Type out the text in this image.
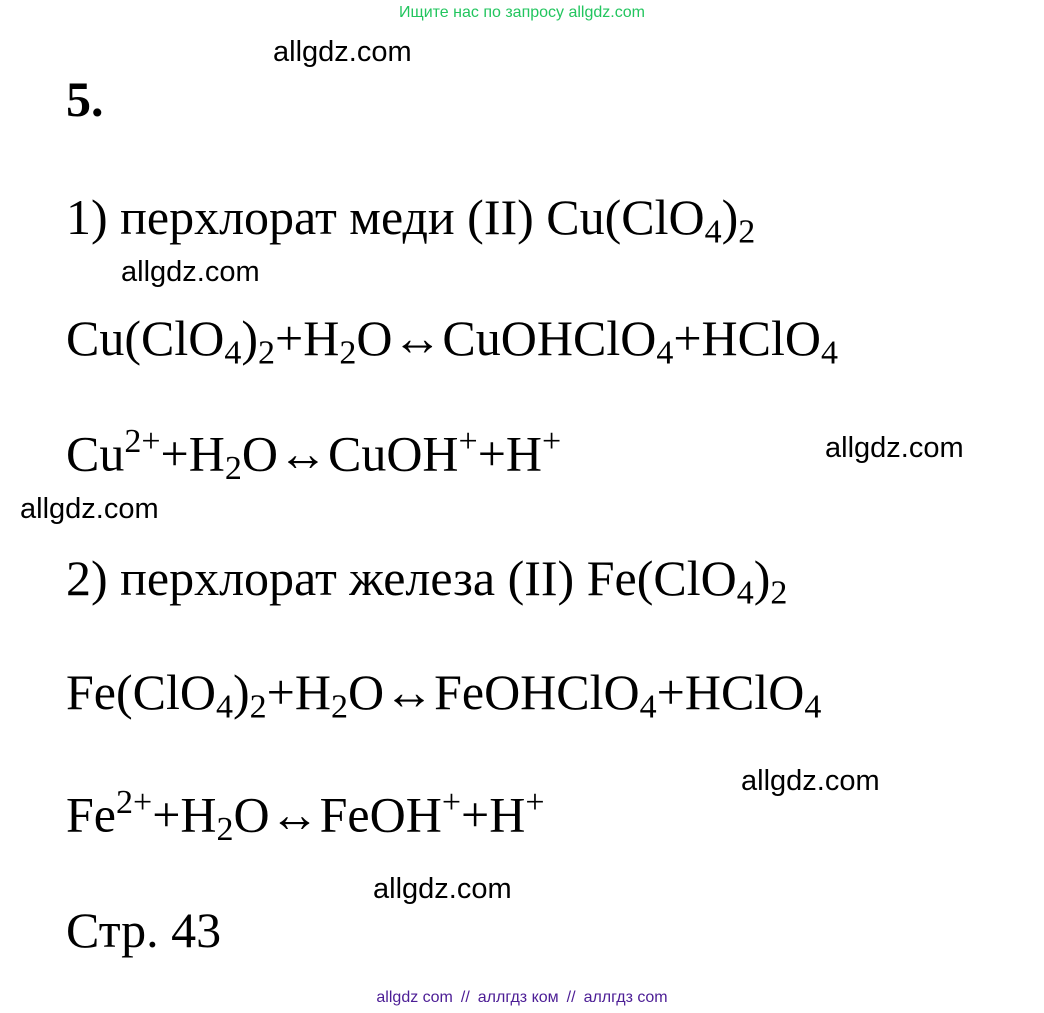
Ищите нас по запросу allgdz.com
allgdz.com
allgdz.com
allgdz.com
allgdz.com
allgdz.com
allgdz.com
5.
1) перхлорат меди (II) $Cu(ClO_4)_2$
$Cu(ClO_4)_2+H_2O\leftrightarrow CuOHClO_4+HClO_4$
$Cu^{2+}+H_2O\leftrightarrow CuOH^++H^+$
2) перхлорат железа (II) $Fe(ClO_4)_2$
$Fe(ClO_4)_2+H_2O\leftrightarrow FeOHClO_4+HClO_4$
$Fe^{2+}+H_2O\leftrightarrow FeOH^++H^+$
Стр. 43
allgdz com // аллгдз ком // аллгдз com
